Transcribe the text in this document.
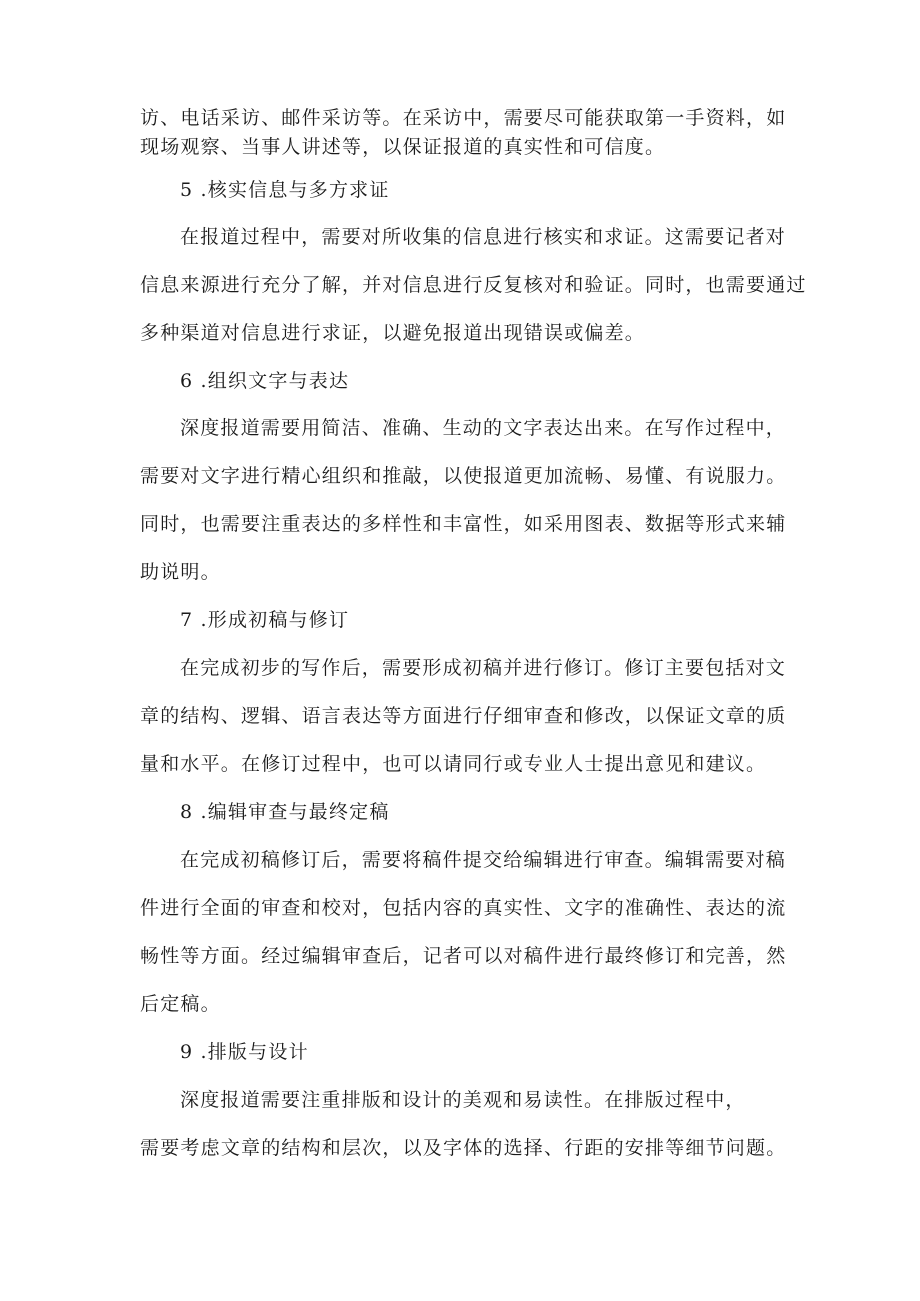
访、电话采访、邮件采访等。在采访中，需要尽可能获取第一手资料，如
现场观察、当事人讲述等，以保证报道的真实性和可信度。
5 .核实信息与多方求证
在报道过程中，需要对所收集的信息进行核实和求证。这需要记者对
信息来源进行充分了解，并对信息进行反复核对和验证。同时，也需要通过
多种渠道对信息进行求证，以避免报道出现错误或偏差。
6 .组织文字与表达
深度报道需要用简洁、准确、生动的文字表达出来。在写作过程中，
需要对文字进行精心组织和推敲，以使报道更加流畅、易懂、有说服力。
同时，也需要注重表达的多样性和丰富性，如采用图表、数据等形式来辅
助说明。
7 .形成初稿与修订
在完成初步的写作后，需要形成初稿并进行修订。修订主要包括对文
章的结构、逻辑、语言表达等方面进行仔细审查和修改，以保证文章的质
量和水平。在修订过程中，也可以请同行或专业人士提出意见和建议。
8 .编辑审查与最终定稿
在完成初稿修订后，需要将稿件提交给编辑进行审查。编辑需要对稿
件进行全面的审查和校对，包括内容的真实性、文字的准确性、表达的流
畅性等方面。经过编辑审查后，记者可以对稿件进行最终修订和完善，然
后定稿。
9 .排版与设计
深度报道需要注重排版和设计的美观和易读性。在排版过程中，
需要考虑文章的结构和层次，以及字体的选择、行距的安排等细节问题。
